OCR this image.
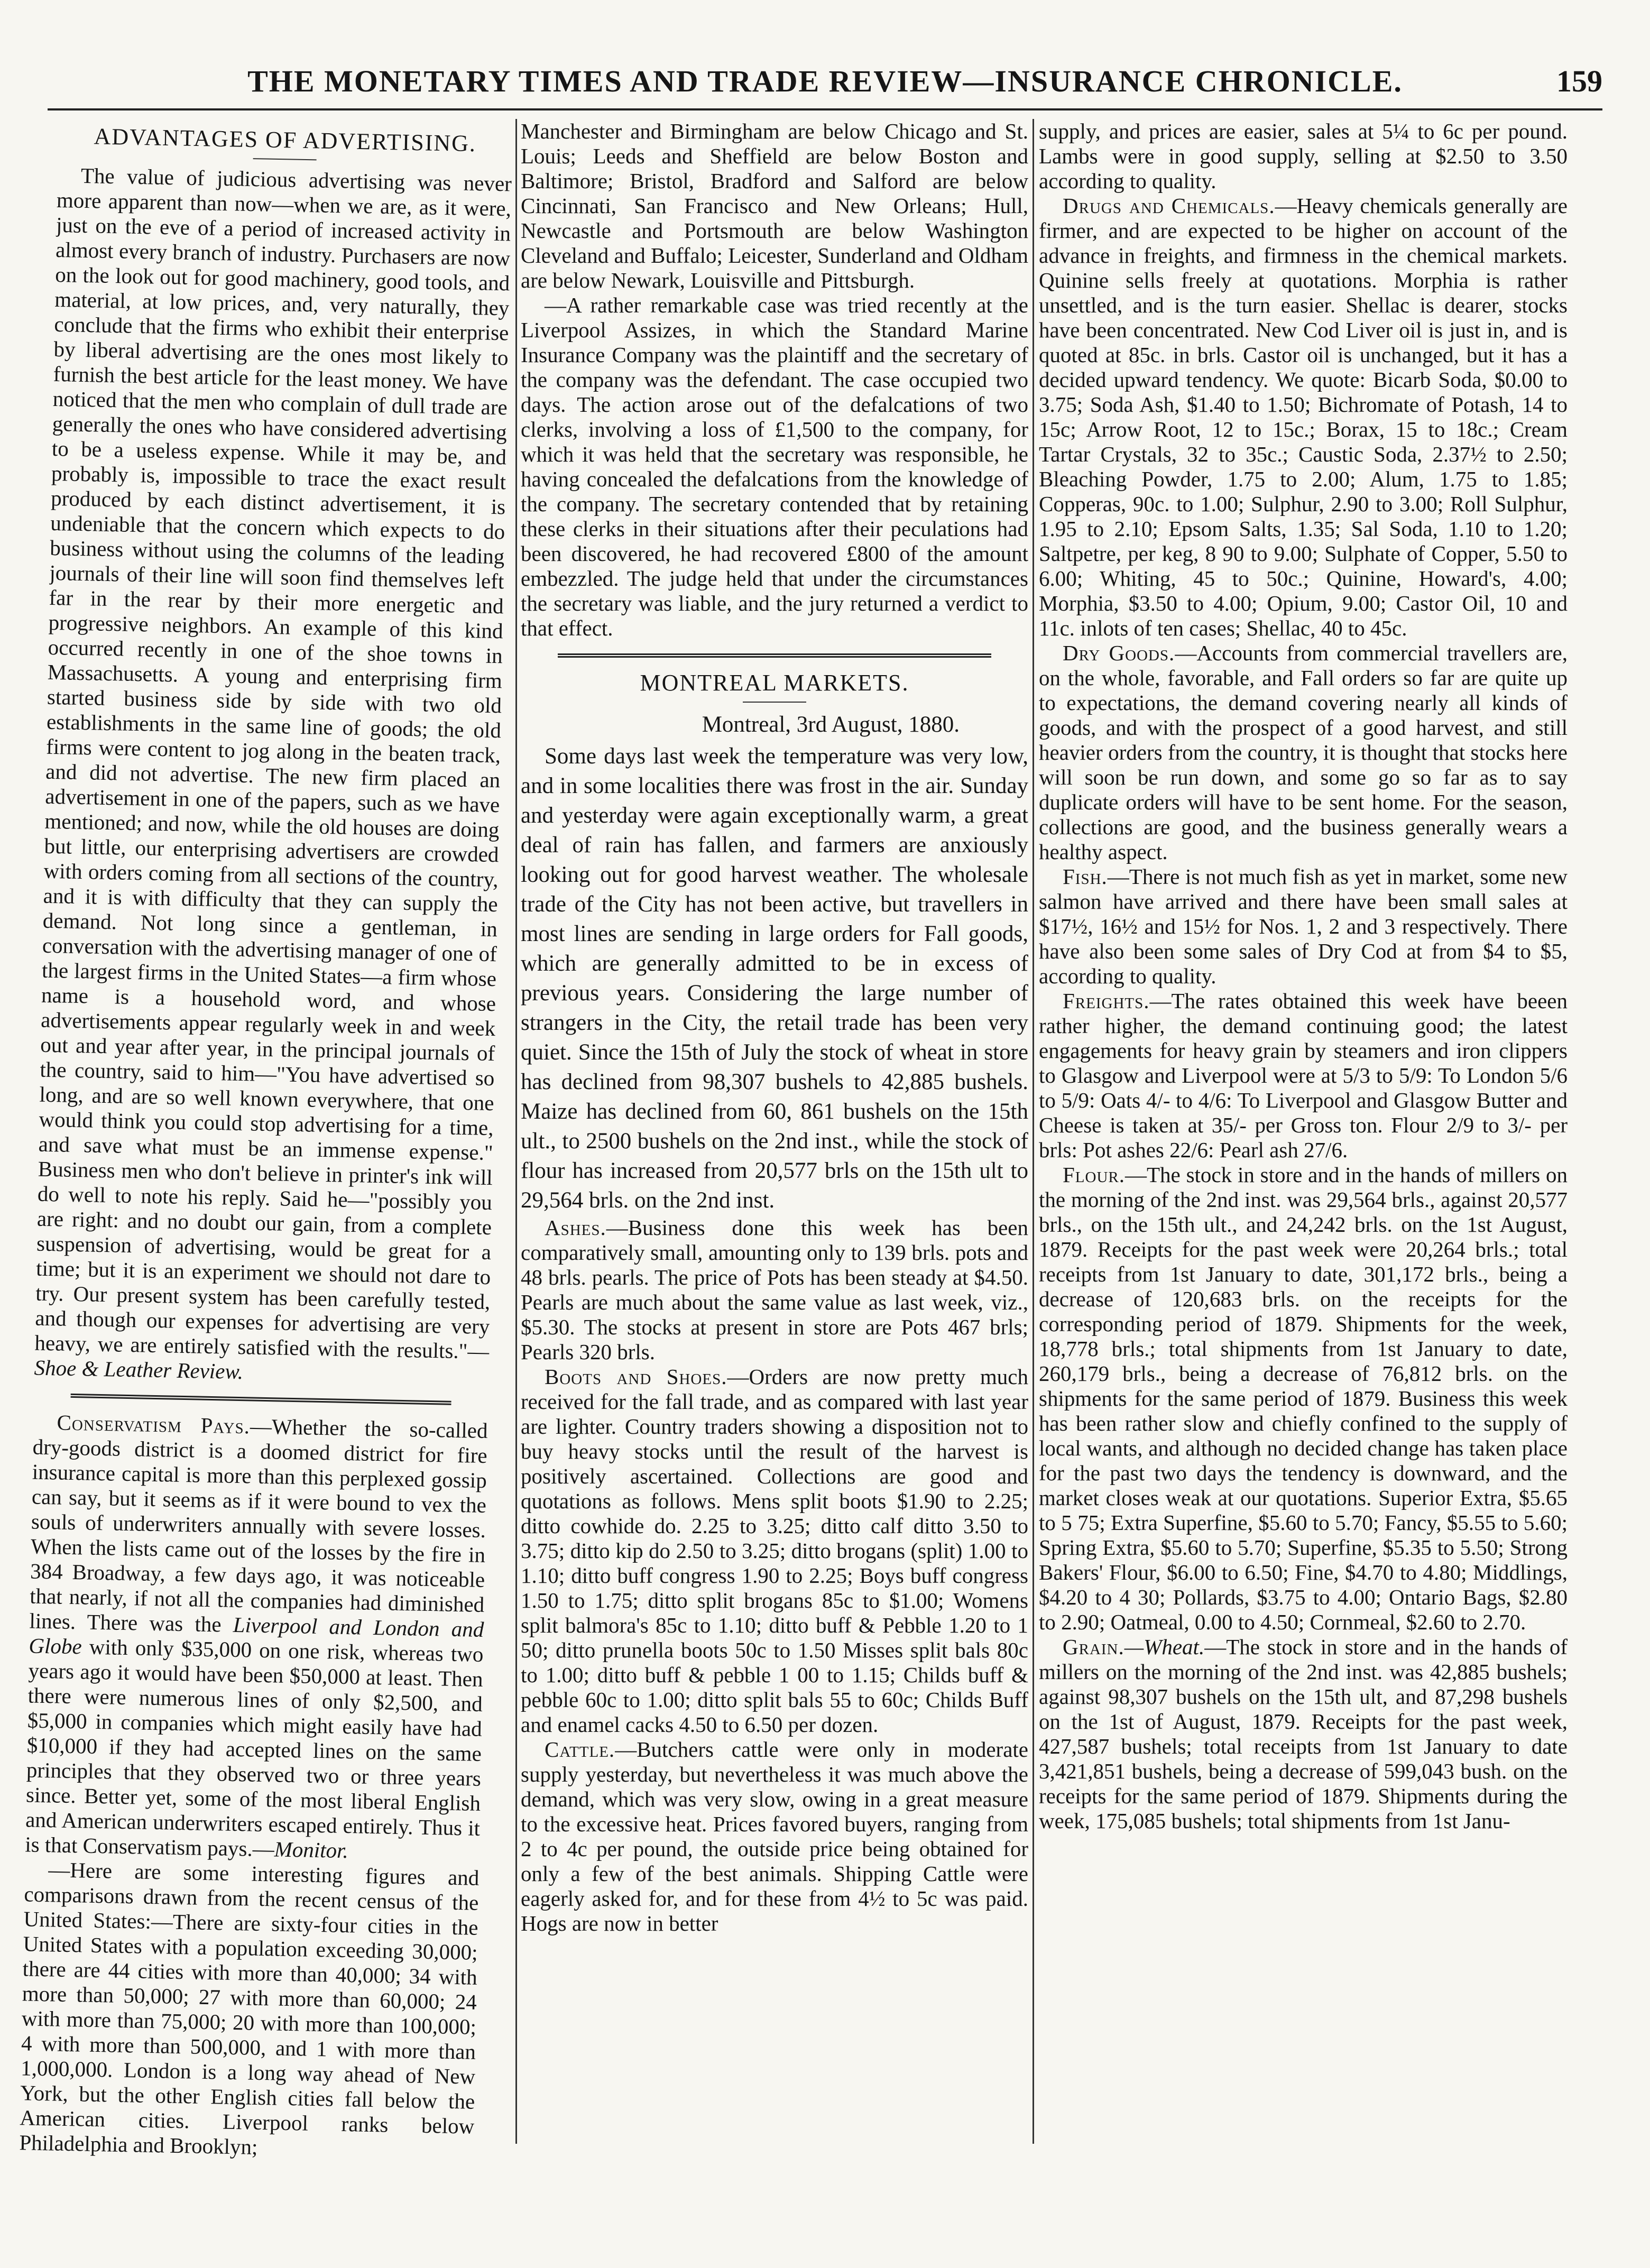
THE MONETARY TIMES AND TRADE REVIEW—INSURANCE CHRONICLE.	159
ADVANTAGES OF ADVERTISING.

The value of judicious advertising was never more apparent than now—when we are, as it were, just on the eve of a period of increased activity in almost every branch of industry. Purchasers are now on the look out for good machinery, good tools, and material, at low prices, and, very naturally, they conclude that the firms who exhibit their enterprise by liberal advertising are the ones most likely to furnish the best article for the least money. We have noticed that the men who complain of dull trade are generally the ones who have considered advertising to be a useless expense. While it may be, and probably is, impossible to trace the exact result produced by each distinct advertisement, it is undeniable that the concern which expects to do business without using the columns of the leading journals of their line will soon find themselves left far in the rear by their more energetic and progressive neighbors. An example of this kind occurred recently in one of the shoe towns in Massachusetts. A young and enterprising firm started business side by side with two old establishments in the same line of goods; the old firms were content to jog along in the beaten track, and did not advertise. The new firm placed an advertisement in one of the papers, such as we have mentioned; and now, while the old houses are doing but little, our enterprising advertisers are crowded with orders coming from all sections of the country, and it is with difficulty that they can supply the demand. Not long since a gentleman, in conversation with the advertising manager of one of the largest firms in the United States—a firm whose name is a household word, and whose advertisements appear regularly week in and week out and year after year, in the principal journals of the country, said to him—"You have advertised so long, and are so well known everywhere, that one would think you could stop advertising for a time, and save what must be an immense expense." Business men who don't believe in printer's ink will do well to note his reply. Said he—"possibly you are right: and no doubt our gain, from a complete suspension of advertising, would be great for a time; but it is an experiment we should not dare to try. Our present system has been carefully tested, and though our expenses for advertising are very heavy, we are entirely satisfied with the results."—Shoe & Leather Review.

Conservatism Pays.—Whether the so-called dry-goods district is a doomed district for fire insurance capital is more than this perplexed gossip can say, but it seems as if it were bound to vex the souls of underwriters annually with severe losses. When the lists came out of the losses by the fire in 384 Broadway, a few days ago, it was noticeable that nearly, if not all the companies had diminished lines. There was the Liverpool and London and Globe with only $35,000 on one risk, whereas two years ago it would have been $50,000 at least. Then there were numerous lines of only $2,500, and $5,000 in companies which might easily have had $10,000 if they had accepted lines on the same principles that they observed two or three years since. Better yet, some of the most liberal English and American underwriters escaped entirely. Thus it is that Conservatism pays.—Monitor.

—Here are some interesting figures and comparisons drawn from the recent census of the United States:—There are sixty-four cities in the United States with a population exceeding 30,000; there are 44 cities with more than 40,000; 34 with more than 50,000; 27 with more than 60,000; 24 with more than 75,000; 20 with more than 100,000; 4 with more than 500,000, and 1 with more than 1,000,000. London is a long way ahead of New York, but the other English cities fall below the American cities. Liverpool ranks below Philadelphia and Brooklyn;

Manchester and Birmingham are below Chicago and St. Louis; Leeds and Sheffield are below Boston and Baltimore; Bristol, Bradford and Salford are below Cincinnati, San Francisco and New Orleans; Hull, Newcastle and Portsmouth are below Washington Cleveland and Buffalo; Leicester, Sunderland and Oldham are below Newark, Louisville and Pittsburgh.

—A rather remarkable case was tried recently at the Liverpool Assizes, in which the Standard Marine Insurance Company was the plaintiff and the secretary of the company was the defendant. The case occupied two days. The action arose out of the defalcations of two clerks, involving a loss of £1,500 to the company, for which it was held that the secretary was responsible, he having concealed the defalcations from the knowledge of the company. The secretary contended that by retaining these clerks in their situations after their peculations had been discovered, he had recovered £800 of the amount embezzled. The judge held that under the circumstances the secretary was liable, and the jury returned a verdict to that effect.

MONTREAL MARKETS.

Montreal, 3rd August, 1880.

Some days last week the temperature was very low, and in some localities there was frost in the air. Sunday and yesterday were again exceptionally warm, a great deal of rain has fallen, and farmers are anxiously looking out for good harvest weather. The wholesale trade of the City has not been active, but travellers in most lines are sending in large orders for Fall goods, which are generally admitted to be in excess of previous years. Considering the large number of strangers in the City, the retail trade has been very quiet. Since the 15th of July the stock of wheat in store has declined from 98,307 bushels to 42,885 bushels. Maize has declined from 60, 861 bushels on the 15th ult., to 2500 bushels on the 2nd inst., while the stock of flour has increased from 20,577 brls on the 15th ult to 29,564 brls. on the 2nd inst.

Ashes.—Business done this week has been comparatively small, amounting only to 139 brls. pots and 48 brls. pearls. The price of Pots has been steady at $4.50. Pearls are much about the same value as last week, viz., $5.30. The stocks at present in store are Pots 467 brls; Pearls 320 brls.

Boots and Shoes.—Orders are now pretty much received for the fall trade, and as compared with last year are lighter. Country traders showing a disposition not to buy heavy stocks until the result of the harvest is positively ascertained. Collections are good and quotations as follows. Mens split boots $1.90 to 2.25; ditto cowhide do. 2.25 to 3.25; ditto calf ditto 3.50 to 3.75; ditto kip do 2.50 to 3.25; ditto brogans (split) 1.00 to 1.10; ditto buff congress 1.90 to 2.25; Boys buff congress 1.50 to 1.75; ditto split brogans 85c to $1.00; Womens split balmora's 85c to 1.10; ditto buff & Pebble 1.20 to 1 50; ditto prunella boots 50c to 1.50 Misses split bals 80c to 1.00; ditto buff & pebble 1 00 to 1.15; Childs buff & pebble 60c to 1.00; ditto split bals 55 to 60c; Childs Buff and enamel cacks 4.50 to 6.50 per dozen.

Cattle.—Butchers cattle were only in moderate supply yesterday, but nevertheless it was much above the demand, which was very slow, owing in a great measure to the excessive heat. Prices favored buyers, ranging from 2 to 4c per pound, the outside price being obtained for only a few of the best animals. Shipping Cattle were eagerly asked for, and for these from 4½ to 5c was paid. Hogs are now in better

supply, and prices are easier, sales at 5¼ to 6c per pound. Lambs were in good supply, selling at $2.50 to 3.50 according to quality.

Drugs and Chemicals.—Heavy chemicals generally are firmer, and are expected to be higher on account of the advance in freights, and firmness in the chemical markets. Quinine sells freely at quotations. Morphia is rather unsettled, and is the turn easier. Shellac is dearer, stocks have been concentrated. New Cod Liver oil is just in, and is quoted at 85c. in brls. Castor oil is unchanged, but it has a decided upward tendency. We quote: Bicarb Soda, $0.00 to 3.75; Soda Ash, $1.40 to 1.50; Bichromate of Potash, 14 to 15c; Arrow Root, 12 to 15c.; Borax, 15 to 18c.; Cream Tartar Crystals, 32 to 35c.; Caustic Soda, 2.37½ to 2.50; Bleaching Powder, 1.75 to 2.00; Alum, 1.75 to 1.85; Copperas, 90c. to 1.00; Sulphur, 2.90 to 3.00; Roll Sulphur, 1.95 to 2.10; Epsom Salts, 1.35; Sal Soda, 1.10 to 1.20; Saltpetre, per keg, 8 90 to 9.00; Sulphate of Copper, 5.50 to 6.00; Whiting, 45 to 50c.; Quinine, Howard's, 4.00; Morphia, $3.50 to 4.00; Opium, 9.00; Castor Oil, 10 and 11c. inlots of ten cases; Shellac, 40 to 45c.

Dry Goods.—Accounts from commercial travellers are, on the whole, favorable, and Fall orders so far are quite up to expectations, the demand covering nearly all kinds of goods, and with the prospect of a good harvest, and still heavier orders from the country, it is thought that stocks here will soon be run down, and some go so far as to say duplicate orders will have to be sent home. For the season, collections are good, and the business generally wears a healthy aspect.

Fish.—There is not much fish as yet in market, some new salmon have arrived and there have been small sales at $17½, 16½ and 15½ for Nos. 1, 2 and 3 respectively. There have also been some sales of Dry Cod at from $4 to $5, according to quality.

Freights.—The rates obtained this week have beeen rather higher, the demand continuing good; the latest engagements for heavy grain by steamers and iron clippers to Glasgow and Liverpool were at 5/3 to 5/9: To London 5/6 to 5/9: Oats 4/- to 4/6: To Liverpool and Glasgow Butter and Cheese is taken at 35/- per Gross ton. Flour 2/9 to 3/- per brls: Pot ashes 22/6: Pearl ash 27/6.

Flour.—The stock in store and in the hands of millers on the morning of the 2nd inst. was 29,564 brls., against 20,577 brls., on the 15th ult., and 24,242 brls. on the 1st August, 1879. Receipts for the past week were 20,264 brls.; total receipts from 1st January to date, 301,172 brls., being a decrease of 120,683 brls. on the receipts for the corresponding period of 1879. Shipments for the week, 18,778 brls.; total shipments from 1st January to date, 260,179 brls., being a decrease of 76,812 brls. on the shipments for the same period of 1879. Business this week has been rather slow and chiefly confined to the supply of local wants, and although no decided change has taken place for the past two days the tendency is downward, and the market closes weak at our quotations. Superior Extra, $5.65 to 5 75; Extra Superfine, $5.60 to 5.70; Fancy, $5.55 to 5.60; Spring Extra, $5.60 to 5.70; Superfine, $5.35 to 5.50; Strong Bakers' Flour, $6.00 to 6.50; Fine, $4.70 to 4.80; Middlings, $4.20 to 4 30; Pollards, $3.75 to 4.00; Ontario Bags, $2.80 to 2.90; Oatmeal, 0.00 to 4.50; Cornmeal, $2.60 to 2.70.

Grain.—Wheat.—The stock in store and in the hands of millers on the morning of the 2nd inst. was 42,885 bushels; against 98,307 bushels on the 15th ult, and 87,298 bushels on the 1st of August, 1879. Receipts for the past week, 427,587 bushels; total receipts from 1st January to date 3,421,851 bushels, being a decrease of 599,043 bush. on the receipts for the same period of 1879. Shipments during the week, 175,085 bushels; total shipments from 1st Janu-
